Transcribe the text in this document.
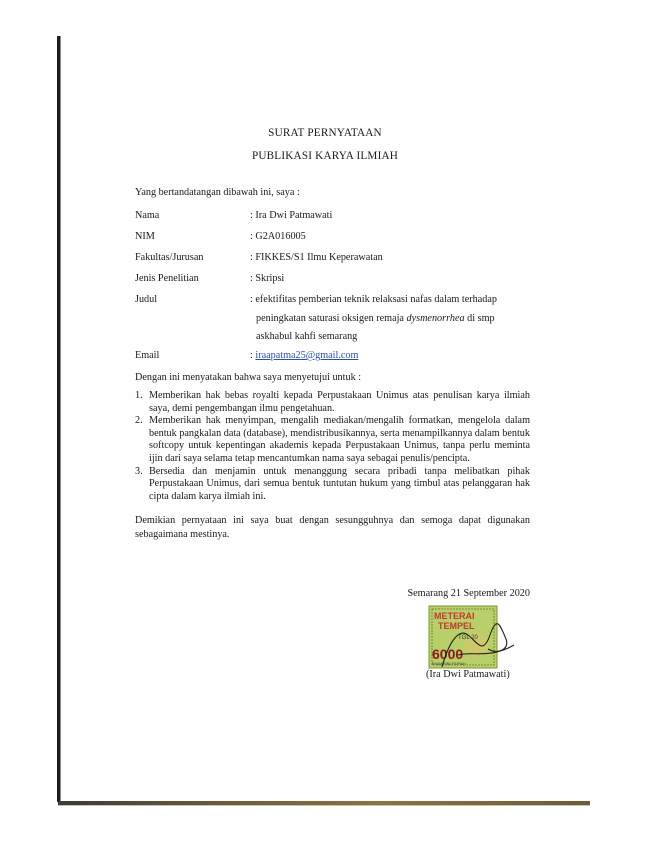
SURAT PERNYATAAN
PUBLIKASI KARYA ILMIAH
Yang bertandatangan dibawah ini, saya :
Nama	: Ira Dwi Patmawati
NIM	: G2A016005
Fakultas/Jurusan	: FIKKES/S1 Ilmu Keperawatan
Jenis Penelitian	: Skripsi
Judul	: efektifitas pemberian teknik relaksasi nafas dalam terhadap
peningkatan saturasi oksigen remaja dysmenorrhea di smp
askhabul kahfi semarang
Email	: iraapatma25@gmail.com
Dengan ini menyatakan bahwa saya menyetujui untuk :
1. Memberikan hak bebas royalti kepada Perpustakaan Unimus atas penulisan karya ilmiah saya, demi pengembangan ilmu pengetahuan.
2. Memberikan hak menyimpan, mengalih mediakan/mengalih formatkan, mengelola dalam bentuk pangkalan data (database), mendistribusikannya, serta menampilkannya dalam bentuk softcopy untuk kepentingan akademis kepada Perpustakaan Unimus, tanpa perlu meminta ijin dari saya selama tetap mencantumkan nama saya sebagai penulis/pencipta.
3. Bersedia dan menjamin untuk menanggung secara pribadi tanpa melibatkan pihak Perpustakaan Unimus, dari semua bentuk tuntutan hukum yang timbul atas pelanggaran hak cipta dalam karya ilmiah ini.
Demikian pernyataan ini saya buat dengan sesungguhnya dan semoga dapat digunakan sebagaimana mestinya.
Semarang 21 September 2020
METERAI
TEMPEL
TGL 20
6000
ENAM RIBU RUPIAH
(Ira Dwi Patmawati)
